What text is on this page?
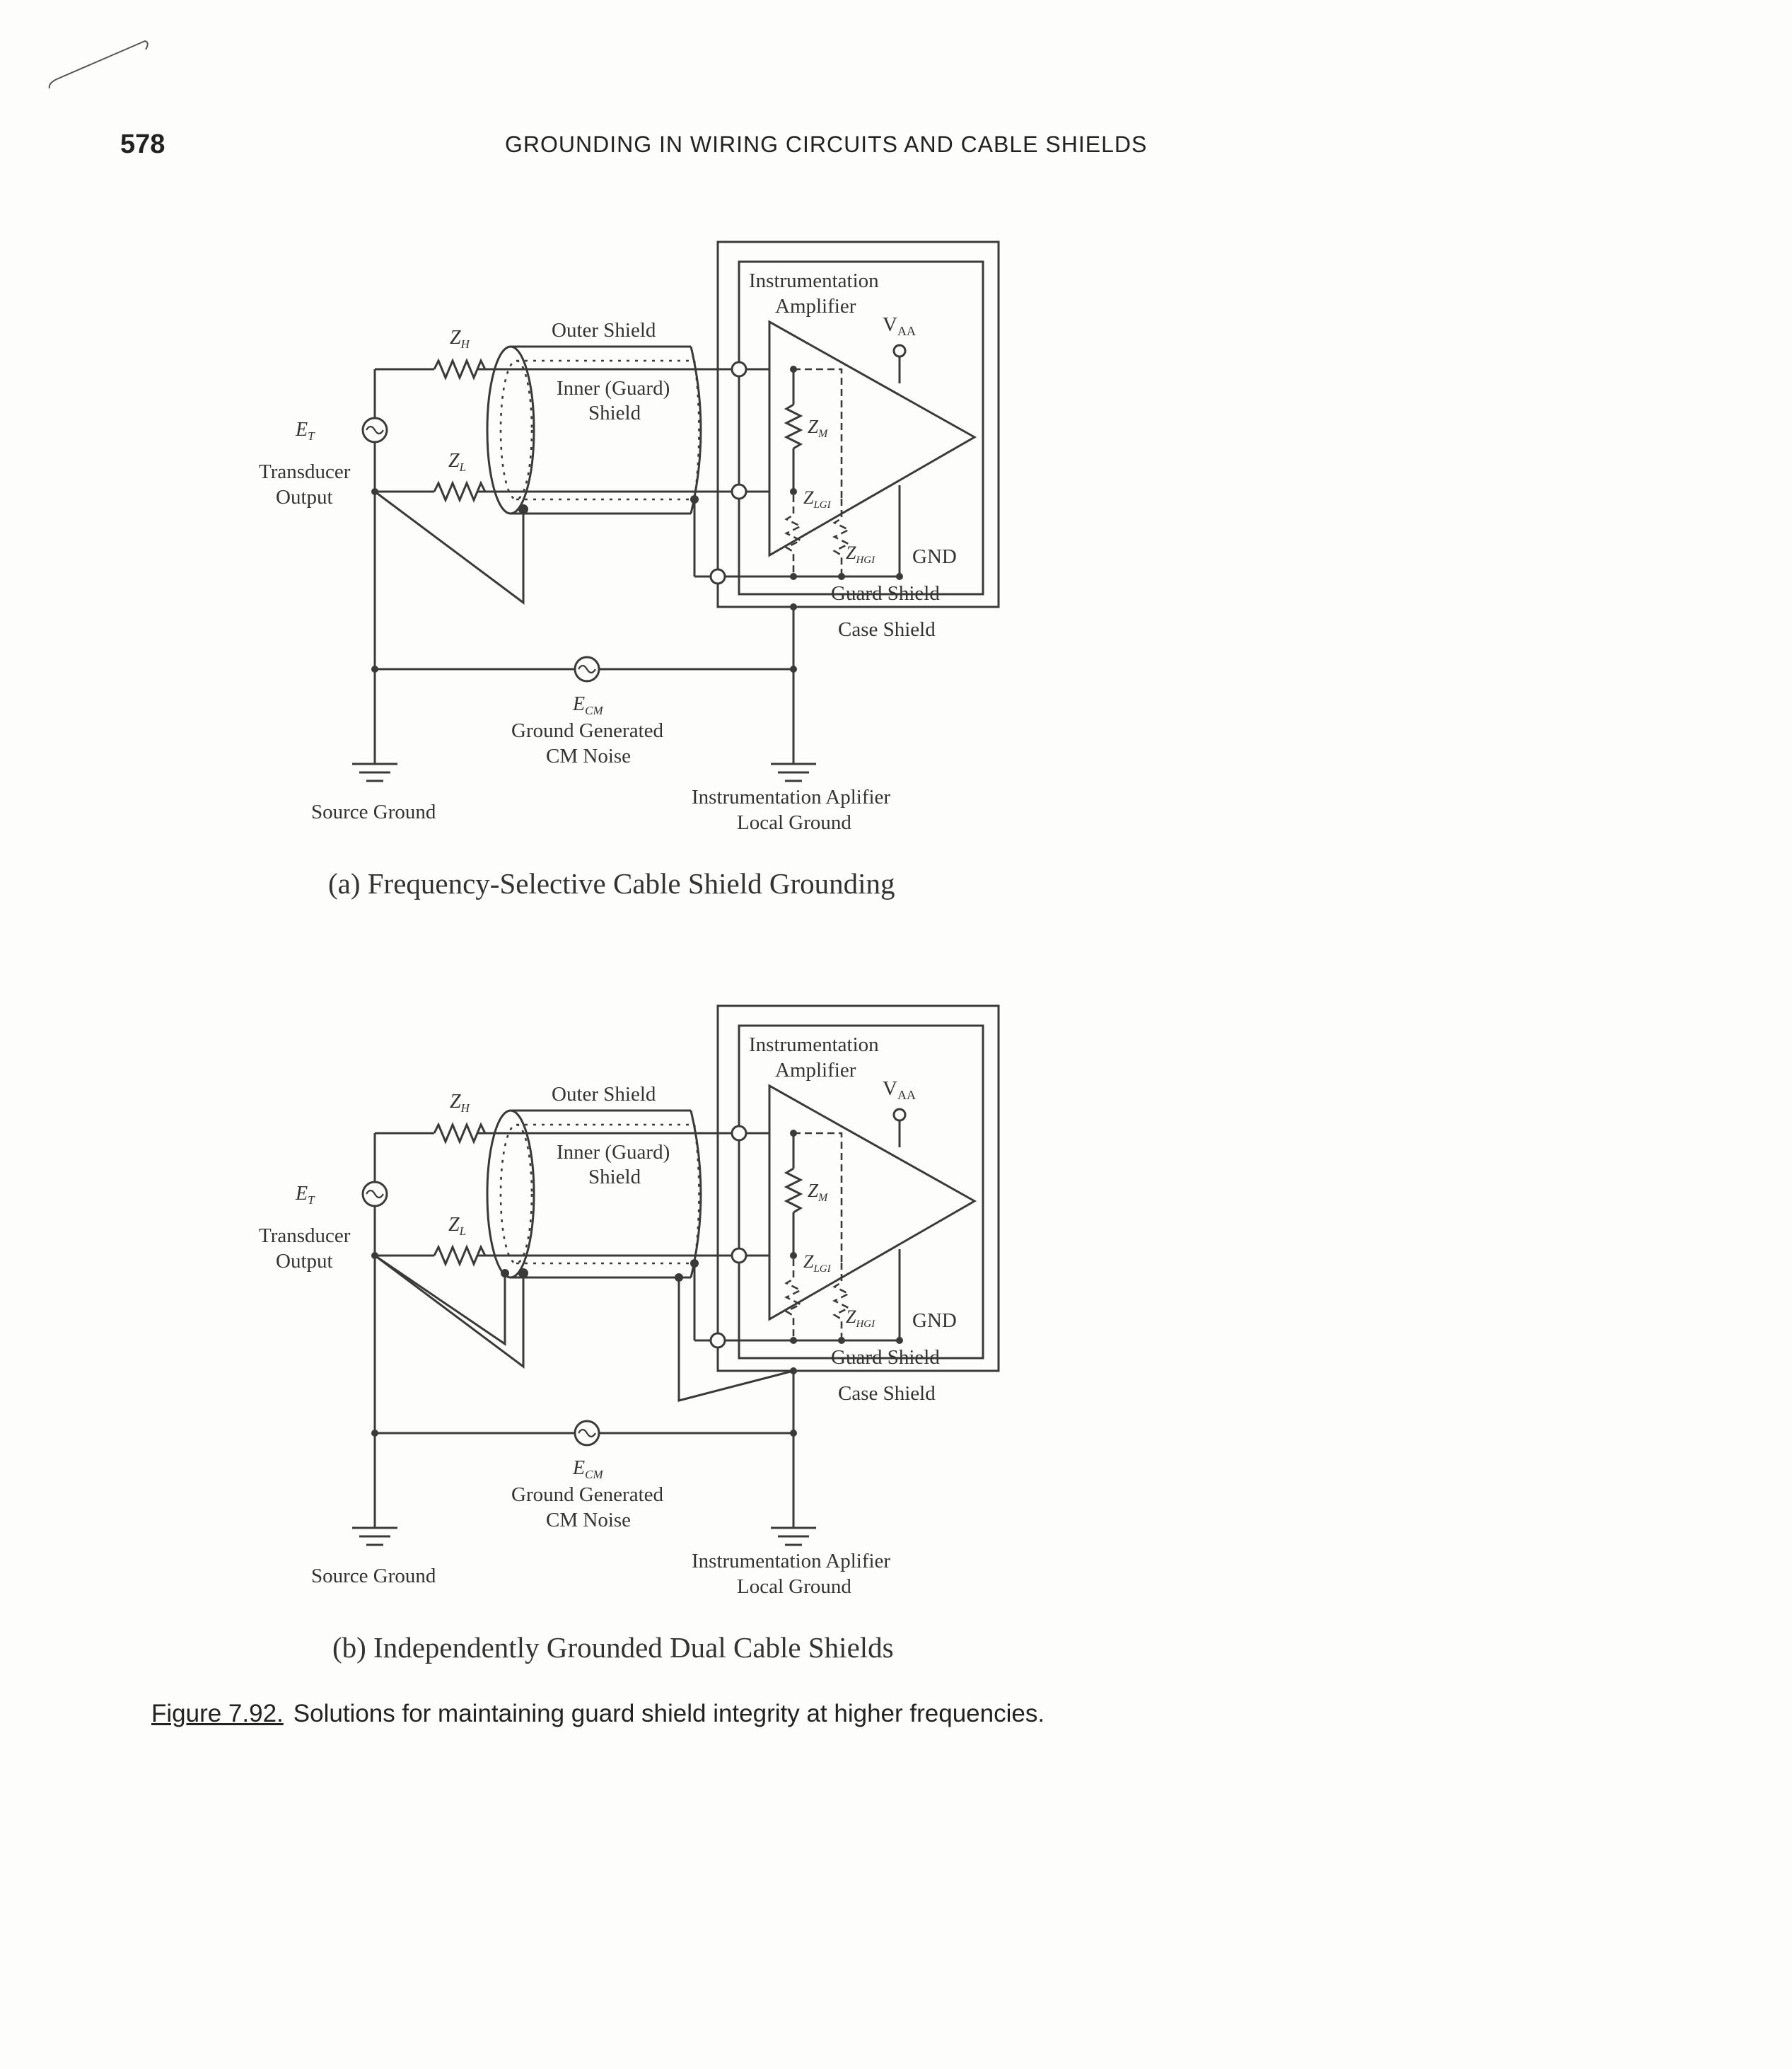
578	GROUNDING IN WIRING CIRCUITS AND CABLE SHIELDS
Instrumentation
Amplifier
$V_{AA}$
Outer Shield
Inner (Guard)
Shield
$Z_H$
$Z_L$
$Z_M$
$Z_{LGI}$
$Z_{HGI}$
$E_T$
Transducer
Output
GND
Guard Shield
Case Shield
$E_{CM}$
Ground Generated
CM Noise
Source Ground
Instrumentation Aplifier
Local Ground
(a) Frequency-Selective Cable Shield Grounding
Instrumentation
Amplifier
$V_{AA}$
Outer Shield
Inner (Guard)
Shield
$Z_H$
$Z_L$
$Z_M$
$Z_{LGI}$
$Z_{HGI}$
$E_T$
Transducer
Output
GND
Guard Shield
Case Shield
$E_{CM}$
Ground Generated
CM Noise
Source Ground
Instrumentation Aplifier
Local Ground
(b) Independently Grounded Dual Cable Shields
Figure 7.92. Solutions for maintaining guard shield integrity at higher frequencies.
